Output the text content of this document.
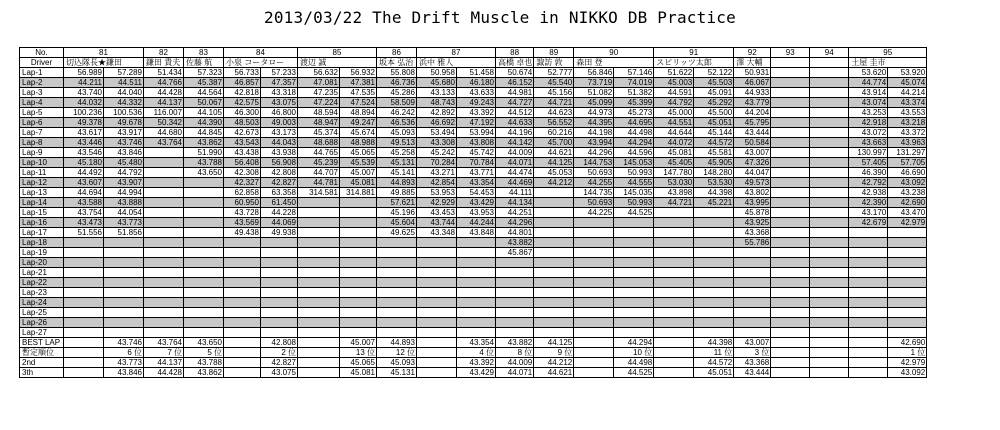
2013/03/22 The Drift Muscle in NIKKO DB Practice
No.	81		82	83	84		85		86	87		88	89	90		91		92	93	94	95	
Driver	切込隊長★鎌田		鎌田 貴夫	佐藤 航	小泉 コータロー		渡辺 誠		坂本 弘治	浜中 雅人		高橋 卓也	諏訪 敦	森田 登		スピリッツ太郎		澤 大輔			土屋 圭市	
Lap-1	56.989	57.289	51.434	57.323	56.733	57.233	56.632	56.932	55.808	50.958	51.458	50.674	52.777	56.846	57.146	51.622	52.122	50.931			53.620	53.920
Lap-2	44.211	44.511	44.766	45.387	46.857	47.357	47.081	47.381	46.736	45.680	46.180	46.152	45.540	73.719	74.019	45.003	45.503	46.067			44.774	45.074
Lap-3	43.740	44.040	44.428	44.564	42.818	43.318	47.235	47.535	45.286	43.133	43.633	44.981	45.156	51.082	51.382	44.591	45.091	44.933			43.914	44.214
Lap-4	44.032	44.332	44.137	50.067	42.575	43.075	47.224	47.524	58.509	48.743	49.243	44.727	44.721	45.099	45.399	44.792	45.292	43.779			43.074	43.374
Lap-5	100.236	100.536	116.007	44.105	46.300	46.800	48.594	48.894	46.242	42.892	43.392	44.512	44.623	44.973	45.273	45.000	45.500	44.204			43.253	43.553
Lap-6	49.378	49.678	50.342	44.390	48.503	49.003	48.947	49.247	46.536	46.692	47.192	44.633	56.552	44.395	44.695	44.551	45.051	45.795			42.918	43.218
Lap-7	43.617	43.917	44.680	44.845	42.673	43.173	45.374	45.674	45.093	53.494	53.994	44.196	60.216	44.198	44.498	44.644	45.144	43.444			43.072	43.372
Lap-8	43.446	43.746	43.764	43.862	43.543	44.043	48.688	48.988	49.513	43.308	43.808	44.142	45.700	43.994	44.294	44.072	44.572	50.584			43.663	43.963
Lap-9	43.546	43.846		51.990	43.438	43.938	44.765	45.065	45.258	45.242	45.742	44.009	44.621	44.296	44.596	45.081	45.581	43.007			130.997	131.297
Lap-10	45.180	45.480		43.788	56.408	56.908	45.239	45.539	45.131	70.284	70.784	44.071	44.125	144.753	145.053	45.405	45.905	47.326			57.405	57.705
Lap-11	44.492	44.792		43.650	42.308	42.808	44.707	45.007	45.141	43.271	43.771	44.474	45.053	50.693	50.993	147.780	148.280	44.047			46.390	46.690
Lap-12	43.607	43.907			42.327	42.827	44.781	45.081	44.893	42.854	43.354	44.469	44.212	44.255	44.555	53.030	53.530	49.573			42.792	43.092
Lap-13	44.694	44.994			62.858	63.358	314.581	314.881	49.885	53.953	54.453	44.111		144.735	145.035	43.898	44.398	43.802			42.938	43.238
Lap-14	43.588	43.888			60.950	61.450			57.621	42.929	43.429	44.134		50.693	50.993	44.721	45.221	43.995			42.390	42.690
Lap-15	43.754	44.054			43.728	44.228			45.196	43.453	43.953	44.251		44.225	44.525			45.878			43.170	43.470
Lap-16	43.473	43.773			43.569	44.069			45.604	43.744	44.244	44.296						43.925			42.679	42.979
Lap-17	51.556	51.856			49.438	49.938			49.625	43.348	43.848	44.801						43.368				
Lap-18												43.882						55.786				
Lap-19												45.867										
Lap-20																						
Lap-21																						
Lap-22																						
Lap-23																						
Lap-24																						
Lap-25																						
Lap-26																						
Lap-27																						
BEST LAP		43.746	43.764	43.650		42.808		45.007	44.893		43.354	43.882	44.125		44.294		44.398	43.007				42.690
暫定順位		6 位	7 位	5 位		2 位		13 位	12 位		4 位	8 位	9 位		10 位		11 位	3 位				1 位
2nd		43.773	44.137	43.788		42.827		45.065	45.093		43.392	44.009	44.212		44.498		44.572	43.368				42.979
3th		43.846	44.428	43.862		43.075		45.081	45.131		43.429	44.071	44.621		44.525		45.051	43.444				43.092
